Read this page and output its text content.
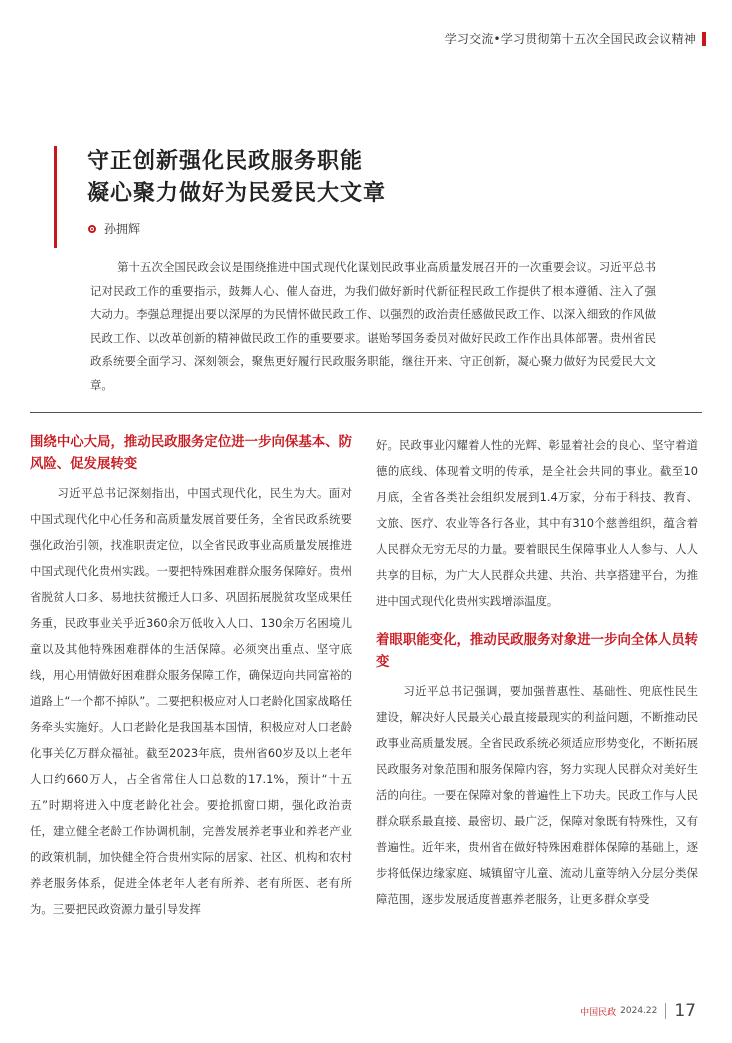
学习交流•学习贯彻第十五次全国民政会议精神
守正创新强化民政服务职能
凝心聚力做好为民爱民大文章
孙拥辉

第十五次全国民政会议是围绕推进中国式现代化谋划民政事业高质量发展召开的一次重要会议。习近平总书记对民政工作的重要指示，鼓舞人心、催人奋进，为我们做好新时代新征程民政工作提供了根本遵循、注入了强大动力。李强总理提出要以深厚的为民情怀做民政工作、以强烈的政治责任感做民政工作、以深入细致的作风做民政工作、以改革创新的精神做民政工作的重要要求。谌贻琴国务委员对做好民政工作作出具体部署。贵州省民政系统要全面学习、深刻领会，聚焦更好履行民政服务职能，继往开来、守正创新，凝心聚力做好为民爱民大文章。

围绕中心大局，推动民政服务定位进一步向保基本、防风险、促发展转变

习近平总书记深刻指出，中国式现代化，民生为大。面对中国式现代化中心任务和高质量发展首要任务，全省民政系统要强化政治引领，找准职责定位，以全省民政事业高质量发展推进中国式现代化贵州实践。一要把特殊困难群众服务保障好。贵州省脱贫人口多、易地扶贫搬迁人口多、巩固拓展脱贫攻坚成果任务重，民政事业关乎近360余万低收入人口、130余万名困境儿童以及其他特殊困难群体的生活保障。必须突出重点、坚守底线，用心用情做好困难群众服务保障工作，确保迈向共同富裕的道路上“一个都不掉队”。二要把积极应对人口老龄化国家战略任务牵头实施好。人口老龄化是我国基本国情，积极应对人口老龄化事关亿万群众福祉。截至2023年底，贵州省60岁及以上老年人口约660万人，占全省常住人口总数的17.1%，预计“十五五”时期将进入中度老龄化社会。要抢抓窗口期，强化政治责任，建立健全老龄工作协调机制，完善发展养老事业和养老产业的政策机制，加快健全符合贵州实际的居家、社区、机构和农村养老服务体系，促进全体老年人老有所养、老有所医、老有所为。三要把民政资源力量引导发挥

好。民政事业闪耀着人性的光辉、彰显着社会的良心、坚守着道德的底线、体现着文明的传承，是全社会共同的事业。截至10月底，全省各类社会组织发展到1.4万家，分布于科技、教育、文旅、医疗、农业等各行各业，其中有310个慈善组织，蕴含着人民群众无穷无尽的力量。要着眼民生保障事业人人参与、人人共享的目标，为广大人民群众共建、共治、共享搭建平台，为推进中国式现代化贵州实践增添温度。

着眼职能变化，推动民政服务对象进一步向全体人员转变

习近平总书记强调，要加强普惠性、基础性、兜底性民生建设，解决好人民最关心最直接最现实的利益问题，不断推动民政事业高质量发展。全省民政系统必须适应形势变化，不断拓展民政服务对象范围和服务保障内容，努力实现人民群众对美好生活的向往。一要在保障对象的普遍性上下功夫。民政工作与人民群众联系最直接、最密切、最广泛，保障对象既有特殊性，又有普遍性。近年来，贵州省在做好特殊困难群体保障的基础上，逐步将低保边缘家庭、城镇留守儿童、流动儿童等纳入分层分类保障范围，逐步发展适度普惠养老服务，让更多群众享受

中国民政 2024.22 17
